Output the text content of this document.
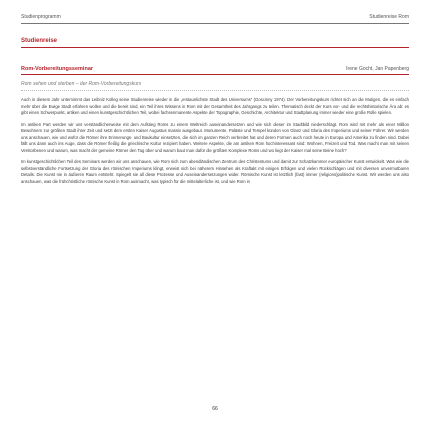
Studienprogramm	Studienreise Rom
Studienreise
Rom-Vorbereitungsseminar	Irene Gocht, Jan Papenberg
Rom sehen und sterben – der Rom-Vorbereitungskurs

Auch in diesem Jahr unternimmt das Leibniz Kolleg seine Studienreise wieder in die „erstaunlichste Stadt des Universums“ (Goscinny 1974). Der Vorbereitungskurs richtet sich an die Mutigen, die es einfach mehr über die Ewige Stadt erfahren wollen und die bereit sind, ein Teil ihres Wissens in Rom mit der Gesamtheit des Jahrgangs zu teilen. Thematisch deckt der Kurs vor- und die rechtshistorische Ära ab: es gibt einen Schwerpunkt, artiken und einen kunstgeschichtlichen Teil, wobei fachsenmanente Aspekte der Topographie, Geschichte, Architektur und Stadtplanung immer wieder eine große Rolle spielen.

Im antiken Part werden wir uns verständlicherweise mit dem Aufstieg Roms zu einem Weltreich auseinandersetzen und wie sich dieser im Stadtbild niederschlägt. Rom wird mit mehr als einer Million Bewohnern zur größten Stadt ihrer Zeit und setzt dem ersten Kaiser Augustus massiv ausgebaut. Monumente, Paläste und Tempel künden von Glanz und Gloria des Imperiums und seiner Führer. Wir werden uns anschauen, wie und wofür die Römer ihre Erinnerungs- und Baukultur einsetzten, die sich im ganzen Reich verbreitet hat und deren Formen auch noch heute in Europa und Amerika zu finden sind. Dabei fällt uns dann auch ins Auge, dass die Römer fleißig die griechische Kultur rezipiert haben. Weitere Aspekte, die am antiken Rom hochinteressant sind: Wohnen, Freizeit und Tod. Was macht man mit seinen Verstorbenen und warum, was macht der gemeine Römer den Tag über und warum baut man dafür die größten Komplexe Roms und wo liegt der Kaiser mal seine Beine hoch?

Im kunstgeschichtlichen Teil des Seminars werden wir uns anschauen, wie Rom sich zum abendländischen Zentrum des Christentums und damit zur Schatzkammer europäischer Kunst entwickelt. Was wie die selbstverständliche Fortsetzung der Gloria des römischen Imperiums klingt, erweist sich bei näherem Hinsehen als Kraftakt mit einigen Erfolgen und vielen Rückschlägen und mit diversen unvermutbaren Details. Die Kunst nie in äußeren Raum entsteht. Spiegelt sie all diese Prozesse und Auseinandersetzungen wider. Römische Kunst ist letztlich (fast) immer (religions)politische Kunst. Wir werden uns also anschauen, was die frühchristliche römische Kunst in Rom ausmacht, was typisch für die mittelalterliche ist, und wie Rom in

66
